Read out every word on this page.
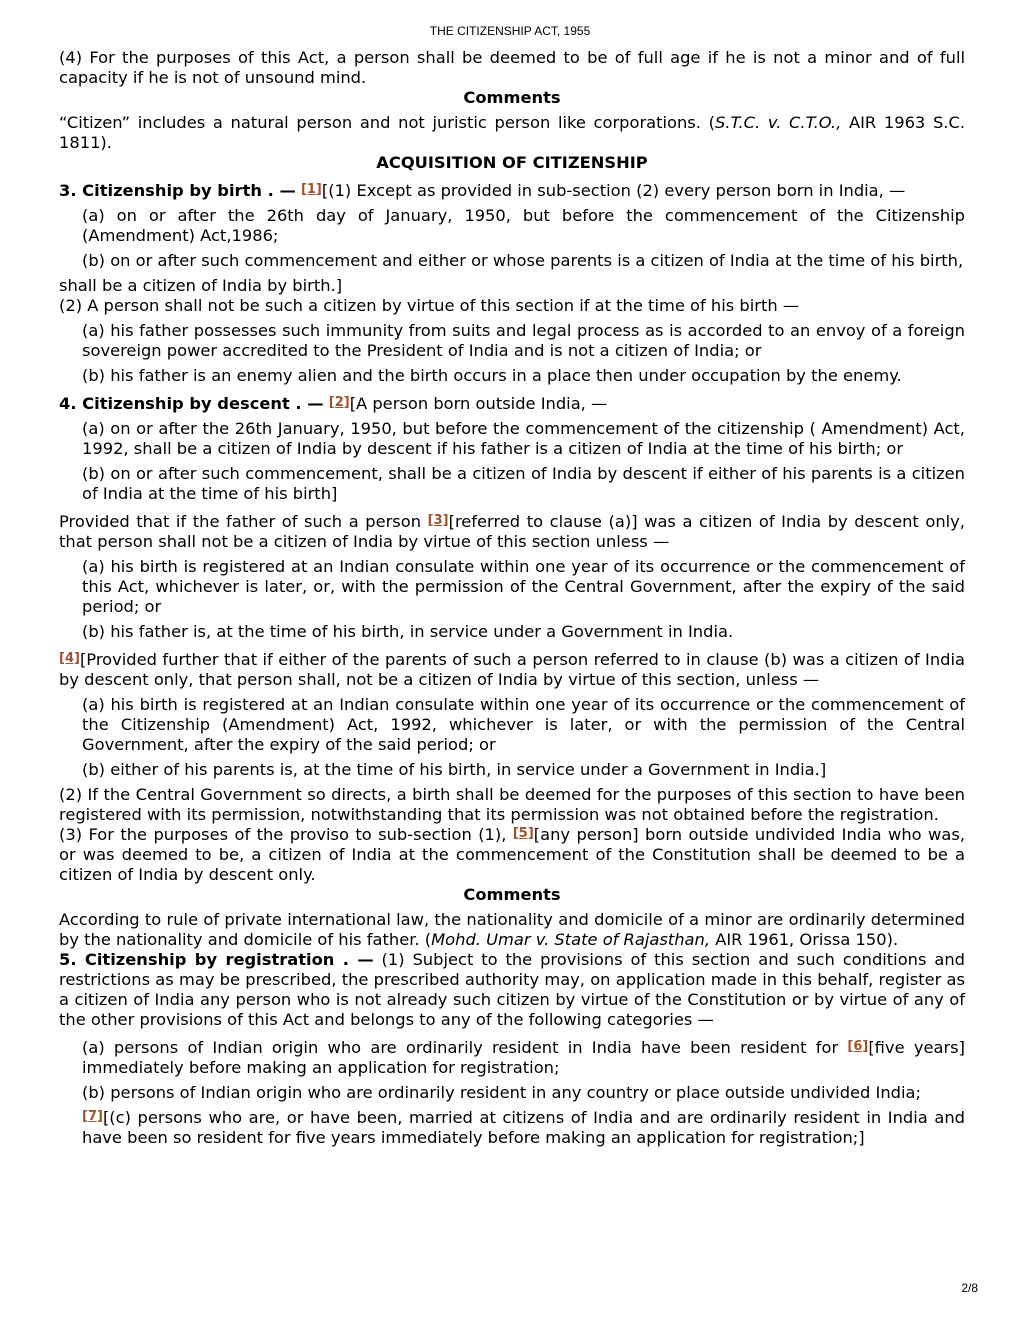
THE CITIZENSHIP ACT, 1955

(4) For the purposes of this Act, a person shall be deemed to be of full age if he is not a minor and of full capacity if he is not of unsound mind.

Comments

“Citizen” includes a natural person and not juristic person like corporations. (S.T.C. v. C.T.O., AIR 1963 S.C. 1811).

ACQUISITION OF CITIZENSHIP

3. Citizenship by birth . — [1][(1) Except as provided in sub-section (2) every person born in India, —

(a) on or after the 26th day of January, 1950, but before the commencement of the Citizenship (Amendment) Act,1986;

(b) on or after such commencement and either or whose parents is a citizen of India at the time of his birth,

shall be a citizen of India by birth.]

(2) A person shall not be such a citizen by virtue of this section if at the time of his birth —

(a) his father possesses such immunity from suits and legal process as is accorded to an envoy of a foreign sovereign power accredited to the President of India and is not a citizen of India; or

(b) his father is an enemy alien and the birth occurs in a place then under occupation by the enemy.

4. Citizenship by descent . — [2][A person born outside India, —

(a) on or after the 26th January, 1950, but before the commencement of the citizenship ( Amendment) Act, 1992, shall be a citizen of India by descent if his father is a citizen of India at the time of his birth; or

(b) on or after such commencement, shall be a citizen of India by descent if either of his parents is a citizen of India at the time of his birth]

Provided that if the father of such a person [3][referred to clause (a)] was a citizen of India by descent only, that person shall not be a citizen of India by virtue of this section unless —

(a) his birth is registered at an Indian consulate within one year of its occurrence or the commencement of this Act, whichever is later, or, with the permission of the Central Government, after the expiry of the said period; or

(b) his father is, at the time of his birth, in service under a Government in India.

[4][Provided further that if either of the parents of such a person referred to in clause (b) was a citizen of India by descent only, that person shall, not be a citizen of India by virtue of this section, unless —

(a) his birth is registered at an Indian consulate within one year of its occurrence or the commencement of the Citizenship (Amendment) Act, 1992, whichever is later, or with the permission of the Central Government, after the expiry of the said period; or

(b) either of his parents is, at the time of his birth, in service under a Government in India.]

(2) If the Central Government so directs, a birth shall be deemed for the purposes of this section to have been registered with its permission, notwithstanding that its permission was not obtained before the registration.

(3) For the purposes of the proviso to sub-section (1), [5][any person] born outside undivided India who was, or was deemed to be, a citizen of India at the commencement of the Constitution shall be deemed to be a citizen of India by descent only.

Comments

According to rule of private international law, the nationality and domicile of a minor are ordinarily determined by the nationality and domicile of his father. (Mohd. Umar v. State of Rajasthan, AIR 1961, Orissa 150).

5. Citizenship by registration . — (1) Subject to the provisions of this section and such conditions and restrictions as may be prescribed, the prescribed authority may, on application made in this behalf, register as a citizen of India any person who is not already such citizen by virtue of the Constitution or by virtue of any of the other provisions of this Act and belongs to any of the following categories —

(a) persons of Indian origin who are ordinarily resident in India have been resident for [6][five years] immediately before making an application for registration;

(b) persons of Indian origin who are ordinarily resident in any country or place outside undivided India;

[7][(c) persons who are, or have been, married at citizens of India and are ordinarily resident in India and have been so resident for five years immediately before making an application for registration;]

2/8
